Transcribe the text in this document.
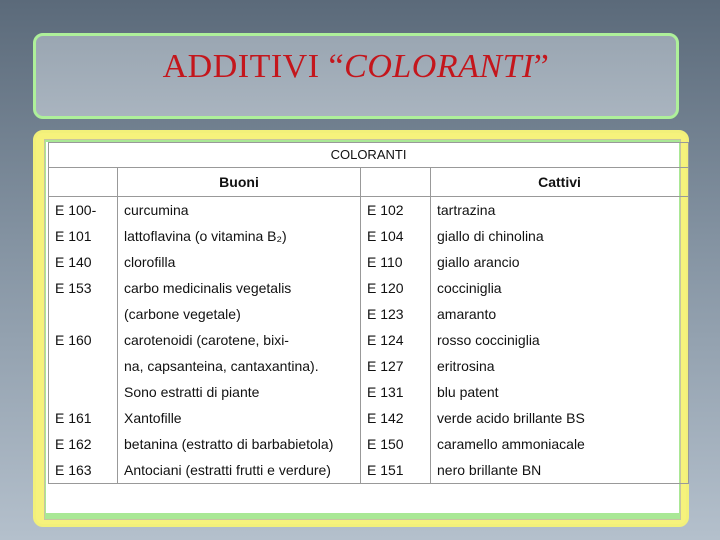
ADDITIVI “COLORANTI”
COLORANTI			
	Buoni		Cattivi
E 100-	curcumina	E 102	tartrazina
E 101	lattoflavina (o vitamina B₂)	E 104	giallo di chinolina
E 140	clorofilla	E 110	giallo arancio
E 153	carbo medicinalis vegetalis	E 120	cocciniglia
	(carbone vegetale)	E 123	amaranto
E 160	carotenoidi (carotene, bixi-	E 124	rosso cocciniglia
	na, capsanteina, cantaxantina).	E 127	eritrosina
	Sono estratti di piante	E 131	blu patent
E 161	Xantofille	E 142	verde acido brillante BS
E 162	betanina (estratto di barbabietola)	E 150	caramello ammoniacale
E 163	Antociani (estratti frutti e verdure)	E 151	nero brillante BN
